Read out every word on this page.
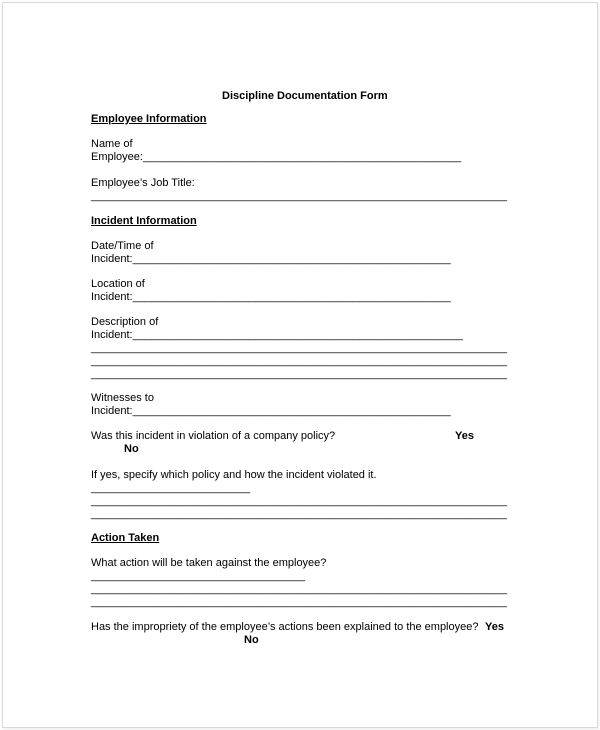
Discipline Documentation Form
Employee Information
Name of
Employee:____________________________________________________
Employee’s Job Title:
____________________________________________________________________
Incident Information
Date/Time of
Incident:____________________________________________________
Location of
Incident:____________________________________________________
Description of
Incident:______________________________________________________
____________________________________________________________________
____________________________________________________________________
____________________________________________________________________
Witnesses to
Incident:____________________________________________________
Was this incident in violation of a company policy?	Yes
No
If yes, specify which policy and how the incident violated it.
__________________________
____________________________________________________________________
____________________________________________________________________
Action Taken
What action will be taken against the employee?
___________________________________
____________________________________________________________________
____________________________________________________________________
Has the impropriety of the employee’s actions been explained to the employee? Yes
No
